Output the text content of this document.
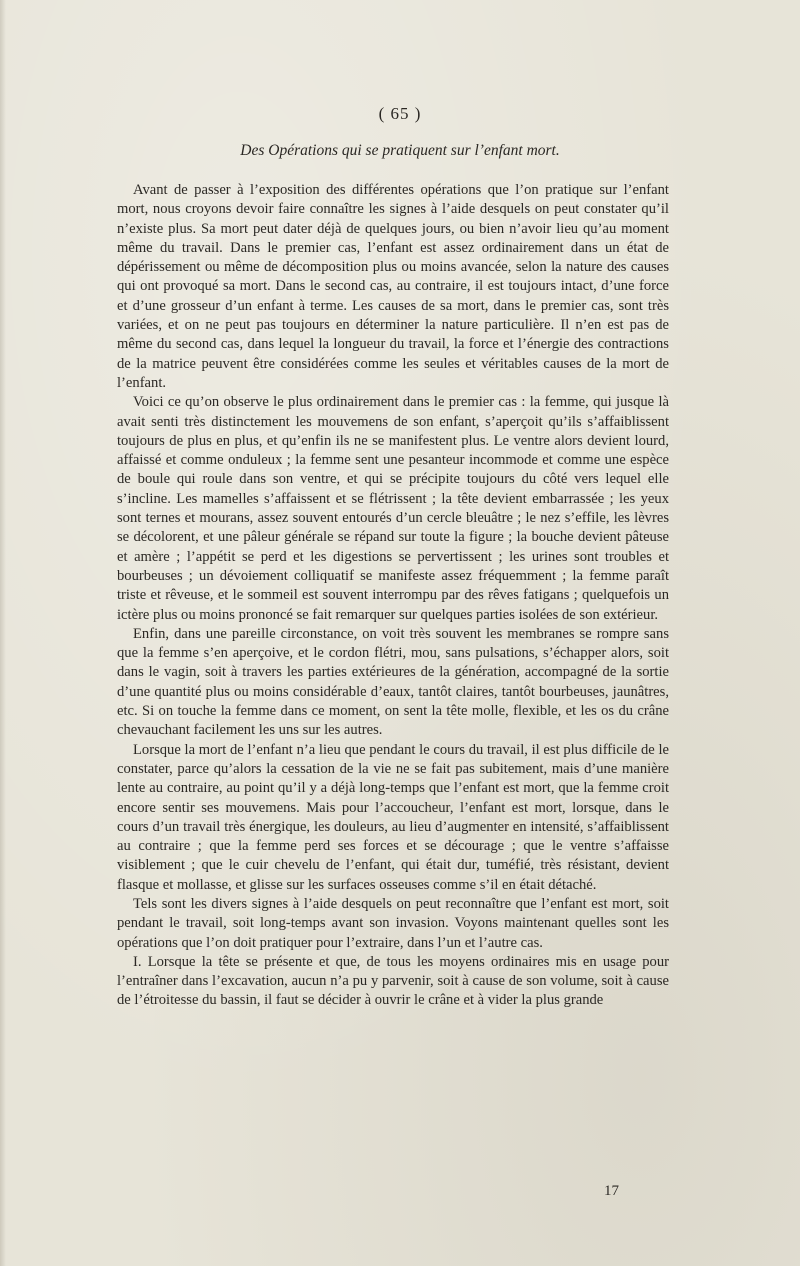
( 65 )
Des Opérations qui se pratiquent sur l’enfant mort.

Avant de passer à l’exposition des différentes opérations que l’on pratique sur l’enfant mort, nous croyons devoir faire connaître les signes à l’aide desquels on peut constater qu’il n’existe plus. Sa mort peut dater déjà de quelques jours, ou bien n’avoir lieu qu’au moment même du travail. Dans le premier cas, l’enfant est assez ordinairement dans un état de dépérissement ou même de décomposition plus ou moins avancée, selon la nature des causes qui ont provoqué sa mort. Dans le second cas, au contraire, il est toujours intact, d’une force et d’une grosseur d’un enfant à terme. Les causes de sa mort, dans le premier cas, sont très variées, et on ne peut pas toujours en déterminer la nature particulière. Il n’en est pas de même du second cas, dans lequel la longueur du travail, la force et l’énergie des contractions de la matrice peuvent être considérées comme les seules et véritables causes de la mort de l’enfant.

Voici ce qu’on observe le plus ordinairement dans le premier cas : la femme, qui jusque là avait senti très distinctement les mouvemens de son enfant, s’aperçoit qu’ils s’affaiblissent toujours de plus en plus, et qu’enfin ils ne se manifestent plus. Le ventre alors devient lourd, affaissé et comme onduleux ; la femme sent une pesanteur incommode et comme une espèce de boule qui roule dans son ventre, et qui se précipite toujours du côté vers lequel elle s’incline. Les mamelles s’affaissent et se flétrissent ; la tête devient embarrassée ; les yeux sont ternes et mourans, assez souvent entourés d’un cercle bleuâtre ; le nez s’effile, les lèvres se décolorent, et une pâleur générale se répand sur toute la figure ; la bouche devient pâteuse et amère ; l’appétit se perd et les digestions se pervertissent ; les urines sont troubles et bourbeuses ; un dévoiement colliquatif se manifeste assez fréquemment ; la femme paraît triste et rêveuse, et le sommeil est souvent interrompu par des rêves fatigans ; quelquefois un ictère plus ou moins prononcé se fait remarquer sur quelques parties isolées de son extérieur.

Enfin, dans une pareille circonstance, on voit très souvent les membranes se rompre sans que la femme s’en aperçoive, et le cordon flétri, mou, sans pulsations, s’échapper alors, soit dans le vagin, soit à travers les parties extérieures de la génération, accompagné de la sortie d’une quantité plus ou moins considérable d’eaux, tantôt claires, tantôt bourbeuses, jaunâtres, etc. Si on touche la femme dans ce moment, on sent la tête molle, flexible, et les os du crâne chevauchant facilement les uns sur les autres.

Lorsque la mort de l’enfant n’a lieu que pendant le cours du travail, il est plus difficile de le constater, parce qu’alors la cessation de la vie ne se fait pas subitement, mais d’une manière lente au contraire, au point qu’il y a déjà long-temps que l’enfant est mort, que la femme croit encore sentir ses mouvemens. Mais pour l’accoucheur, l’enfant est mort, lorsque, dans le cours d’un travail très énergique, les douleurs, au lieu d’augmenter en intensité, s’affaiblissent au contraire ; que la femme perd ses forces et se décourage ; que le ventre s’affaisse visiblement ; que le cuir chevelu de l’enfant, qui était dur, tuméfié, très résistant, devient flasque et mollasse, et glisse sur les surfaces osseuses comme s’il en était détaché.

Tels sont les divers signes à l’aide desquels on peut reconnaître que l’enfant est mort, soit pendant le travail, soit long-temps avant son invasion. Voyons maintenant quelles sont les opérations que l’on doit pratiquer pour l’extraire, dans l’un et l’autre cas.

I. Lorsque la tête se présente et que, de tous les moyens ordinaires mis en usage pour l’entraîner dans l’excavation, aucun n’a pu y parvenir, soit à cause de son volume, soit à cause de l’étroitesse du bassin, il faut se décider à ouvrir le crâne et à vider la plus grande

17
